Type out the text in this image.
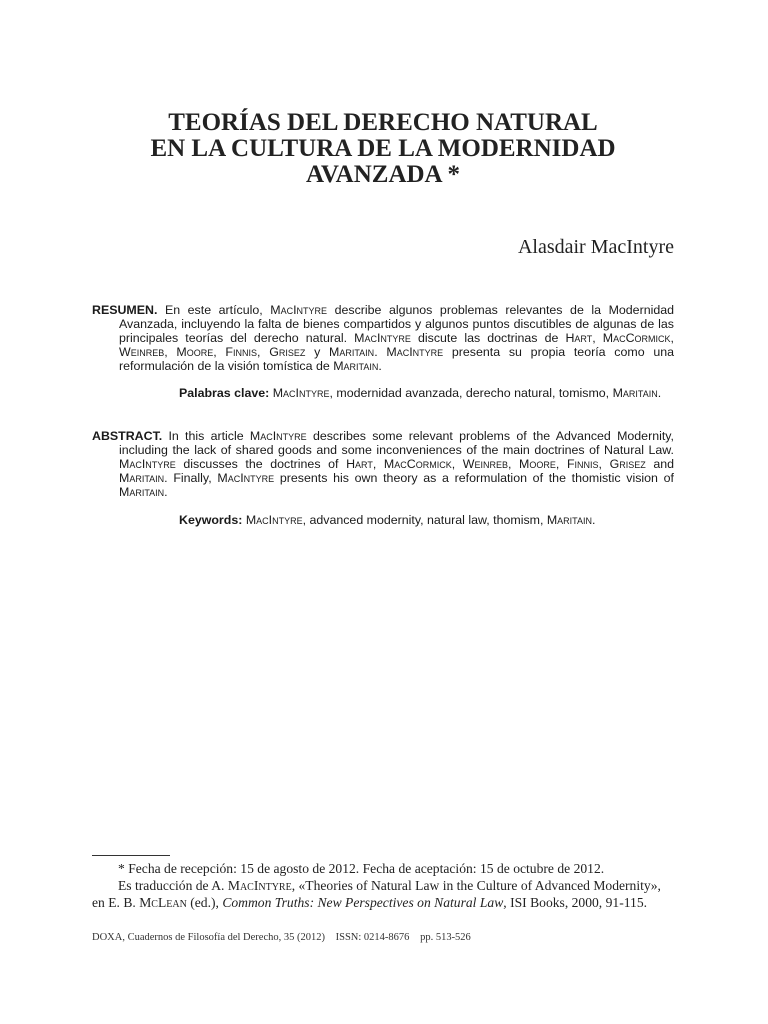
TEORÍAS DEL DERECHO NATURAL
EN LA CULTURA DE LA MODERNIDAD
AVANZADA *
Alasdair MacIntyre
RESUMEN. En este artículo, MacIntyre describe algunos problemas relevantes de la Modernidad Avanzada, incluyendo la falta de bienes compartidos y algunos puntos discutibles de algunas de las principales teorías del derecho natural. MacIntyre discute las doctrinas de Hart, MacCormick, Weinreb, Moore, Finnis, Grisez y Maritain. MacIntyre presenta su propia teoría como una reformulación de la visión tomística de Maritain.
Palabras clave: MacIntyre, modernidad avanzada, derecho natural, tomismo, Maritain.
ABSTRACT. In this article MacIntyre describes some relevant problems of the Advanced Modernity, including the lack of shared goods and some inconveniences of the main doctrines of Natural Law. MacIntyre discusses the doctrines of Hart, MacCormick, Weinreb, Moore, Finnis, Grisez and Maritain. Finally, MacIntyre presents his own theory as a reformulation of the thomistic vision of Maritain.
Keywords: MacIntyre, advanced modernity, natural law, thomism, Maritain.
* Fecha de recepción: 15 de agosto de 2012. Fecha de aceptación: 15 de octubre de 2012.
Es traducción de A. MacIntyre, «Theories of Natural Law in the Culture of Advanced Modernity», en E. B. McLean (ed.), Common Truths: New Perspectives on Natural Law, ISI Books, 2000, 91-115.
DOXA, Cuadernos de Filosofía del Derecho, 35 (2012) ISSN: 0214-8676 pp. 513-526
